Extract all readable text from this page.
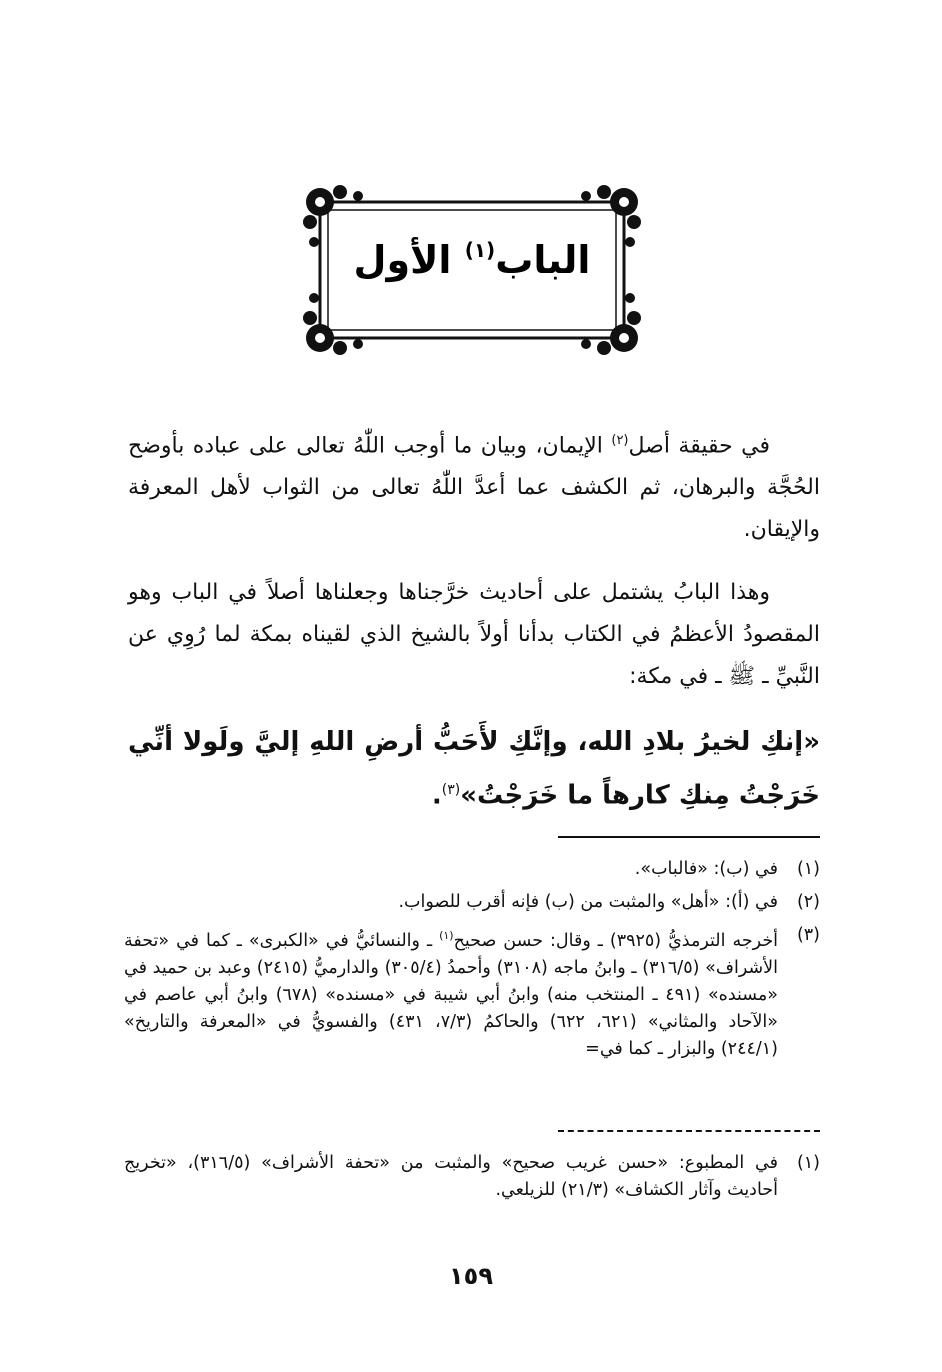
الباب$^{(١)}$ الأول
في حقيقة أصل$^{(٢)}$ الإيمان، وبيان ما أوجب اللّٰهُ تعالى على عباده بأوضح الحُجَّة والبرهان، ثم الكشف عما أعدَّ اللّٰهُ تعالى من الثواب لأهل المعرفة والإيقان.
وهذا البابُ يشتمل على أحاديث خرَّجناها وجعلناها أصلاً في الباب وهو المقصودُ الأعظمُ في الكتاب بدأنا أولاً بالشيخ الذي لقيناه بمكة لما رُوِي عن النَّبيِّ ـ ﷺ ـ في مكة:
«إنكِ لخيرُ بلادِ الله، وإنَّكِ لأَحَبُّ أرضِ اللهِ إليَّ ولَولا أنِّي خَرَجْتُ مِنكِ كارهاً ما خَرَجْتُ»$^{(٣)}$.
(١)
في (ب): «فالباب».
(٢)
في (أ): «أهل» والمثبت من (ب) فإنه أقرب للصواب.
(٣)
أخرجه الترمذيُّ (٣٩٢٥) ـ وقال: حسن صحيح$^{(١)}$ ـ والنسائيُّ في «الكبرى» ـ كما في «تحفة الأشراف» (٣١٦/٥) ـ وابنُ ماجه (٣١٠٨) وأحمدُ (٣٠٥/٤) والدارميُّ (٢٤١٥) وعبد بن حميد في «مسنده» (٤٩١ ـ المنتخب منه) وابنُ أبي شيبة في «مسنده» (٦٧٨) وابنُ أبي عاصم في «الآحاد والمثاني» (٦٢١، ٦٢٢) والحاكمُ (٧/٣، ٤٣١) والفسويُّ في «المعرفة والتاريخ» (٢٤٤/١) والبزار ـ كما في=
(١)
في المطبوع: «حسن غريب صحيح» والمثبت من «تحفة الأشراف» (٣١٦/٥)، «تخريج أحاديث وآثار الكشاف» (٢١/٣) للزيلعي.
١٥٩
